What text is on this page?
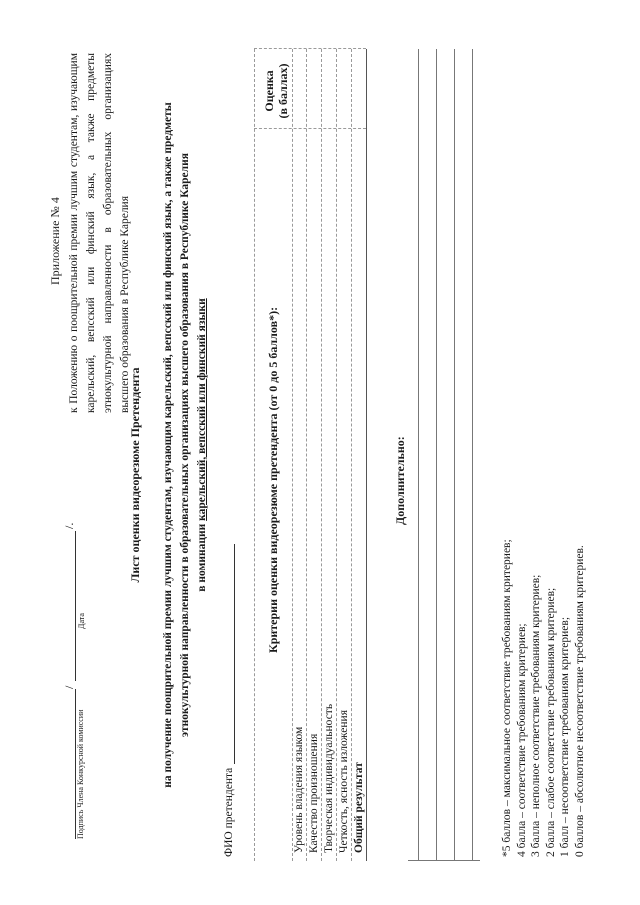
Приложение № 4 к Положению о поощрительной премии лучшим студентам, изучающим карельский, вепсский или финский язык, а также предметы этнокультурной направленности в образовательных организациях высшего образования в Республике Карелия
Подпись Члена Конкурсной комиссии
/
Дата
/.	Лист оценки видеорезюме Претендента на получение поощрительной премии лучшим студентам, изучающим карельский, вепсский или финский язык, а также предметы этнокультурной направленности в образовательных организациях высшего образования в Республике Карелия в номинации карельский, вепсский или финский языки
ФИО претендента
Критерии оценки видеорезюме претендента (от 0 до 5 баллов*):
Оценка (в баллах)
Уровень владения языком Качество произношения Творческая индивидуальность Четкость, ясность изложения Общий результат
Дополнительно:
*5 баллов – максимальное соответствие требованиям критериев; 4 балла – соответствие требованиям критериев; 3 балла – неполное соответствие требованиям критериев; 2 балла – слабое соответствие требованиям критериев; 1 балл – несоответствие требованиям критериев; 0 баллов – абсолютное несоответствие требованиям критериев.
